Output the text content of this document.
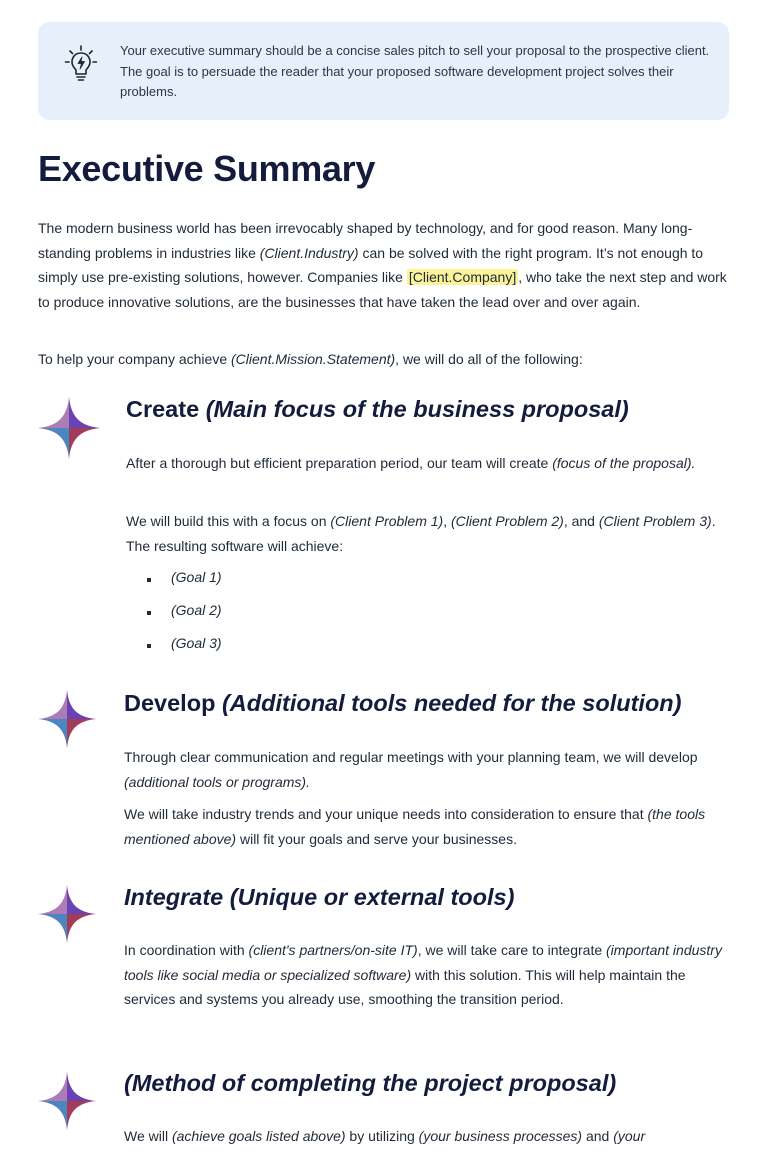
Your executive summary should be a concise sales pitch to sell your proposal to the prospective client. The goal is to persuade the reader that your proposed software development project solves their problems.
Executive Summary

The modern business world has been irrevocably shaped by technology, and for good reason. Many long-standing problems in industries like (Client.Industry) can be solved with the right program. It’s not enough to simply use pre-existing solutions, however. Companies like [Client.Company] , who take the next step and work to produce innovative solutions, are the businesses that have taken the lead over and over again.

To help your company achieve (Client.Mission.Statement), we will do all of the following:

Create (Main focus of the business proposal)

After a thorough but efficient preparation period, our team will create (focus of the proposal).

We will build this with a focus on (Client Problem 1), (Client Problem 2), and (Client Problem 3). The resulting software will achieve:

(Goal 1)
(Goal 2)
(Goal 3)
Develop (Additional tools needed for the solution)

Through clear communication and regular meetings with your planning team, we will develop (additional tools or programs).

We will take industry trends and your unique needs into consideration to ensure that (the tools mentioned above) will fit your goals and serve your businesses.

Integrate (Unique or external tools)

In coordination with (client's partners/on-site IT), we will take care to integrate (important industry tools like social media or specialized software) with this solution. This will help maintain the services and systems you already use, smoothing the transition period.

(Method of completing the project proposal)

We will (achieve goals listed above) by utilizing (your business processes) and (your
